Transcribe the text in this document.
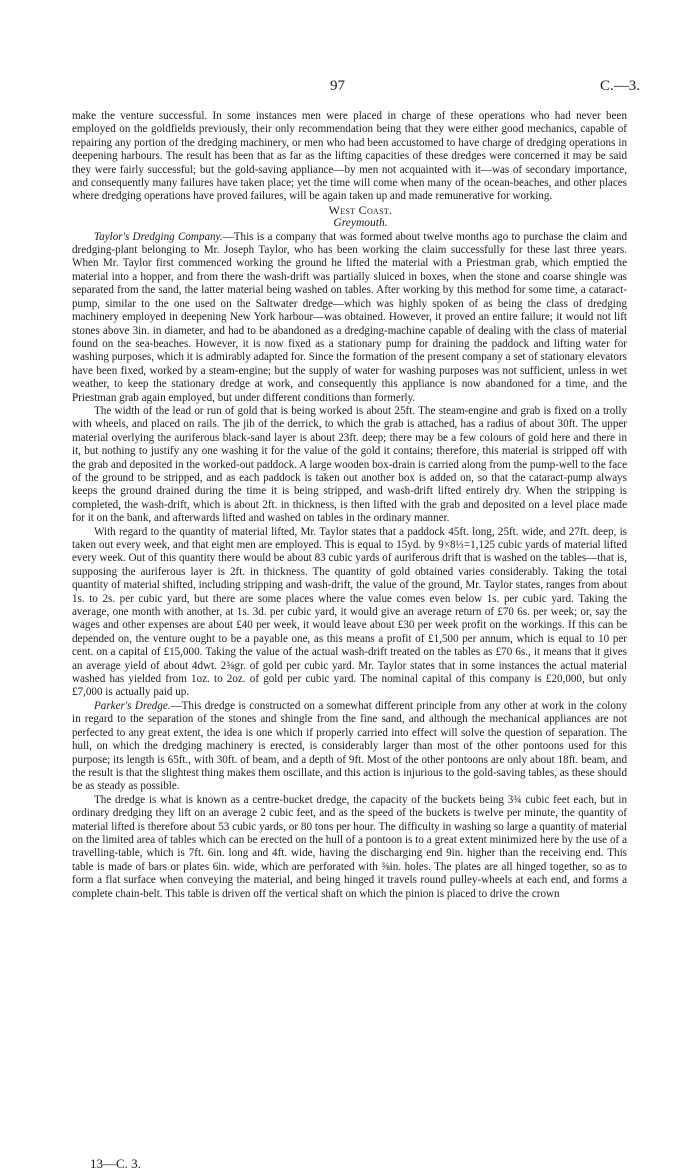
97	C.—3.

make the venture successful. In some instances men were placed in charge of these operations who had never been employed on the goldfields previously, their only recommendation being that they were either good mechanics, capable of repairing any portion of the dredging machinery, or men who had been accustomed to have charge of dredging operations in deepening harbours. The result has been that as far as the lifting capacities of these dredges were concerned it may be said they were fairly successful; but the gold-saving appliance—by men not acquainted with it—was of secondary importance, and consequently many failures have taken place; yet the time will come when many of the ocean-beaches, and other places where dredging operations have proved failures, will be again taken up and made remunerative for working.

West Coast.

Greymouth.

Taylor's Dredging Company.—This is a company that was formed about twelve months ago to purchase the claim and dredging-plant belonging to Mr. Joseph Taylor, who has been working the claim successfully for these last three years. When Mr. Taylor first commenced working the ground he lifted the material with a Priestman grab, which emptied the material into a hopper, and from there the wash-drift was partially sluiced in boxes, when the stone and coarse shingle was separated from the sand, the latter material being washed on tables. After working by this method for some time, a cataract-pump, similar to the one used on the Saltwater dredge—which was highly spoken of as being the class of dredging machinery employed in deepening New York harbour—was obtained. However, it proved an entire failure; it would not lift stones above 3in. in diameter, and had to be abandoned as a dredging-machine capable of dealing with the class of material found on the sea-beaches. However, it is now fixed as a stationary pump for draining the paddock and lifting water for washing purposes, which it is admirably adapted for. Since the formation of the present company a set of stationary elevators have been fixed, worked by a steam-engine; but the supply of water for washing purposes was not sufficient, unless in wet weather, to keep the stationary dredge at work, and consequently this appliance is now abandoned for a time, and the Priestman grab again employed, but under different conditions than formerly.

The width of the lead or run of gold that is being worked is about 25ft. The steam-engine and grab is fixed on a trolly with wheels, and placed on rails. The jib of the derrick, to which the grab is attached, has a radius of about 30ft. The upper material overlying the auriferous black-sand layer is about 23ft. deep; there may be a few colours of gold here and there in it, but nothing to justify any one washing it for the value of the gold it contains; therefore, this material is stripped off with the grab and deposited in the worked-out paddock. A large wooden box-drain is carried along from the pump-well to the face of the ground to be stripped, and as each paddock is taken out another box is added on, so that the cataract-pump always keeps the ground drained during the time it is being stripped, and wash-drift lifted entirely dry. When the stripping is completed, the wash-drift, which is about 2ft. in thickness, is then lifted with the grab and deposited on a level place made for it on the bank, and afterwards lifted and washed on tables in the ordinary manner.

With regard to the quantity of material lifted, Mr. Taylor states that a paddock 45ft. long, 25ft. wide, and 27ft. deep, is taken out every week, and that eight men are employed. This is equal to 15yd. by 9×8⅓=1,125 cubic yards of material lifted every week. Out of this quantity there would be about 83 cubic yards of auriferous drift that is washed on the tables—that is, supposing the auriferous layer is 2ft. in thickness. The quantity of gold obtained varies considerably. Taking the total quantity of material shifted, including stripping and wash-drift, the value of the ground, Mr. Taylor states, ranges from about 1s. to 2s. per cubic yard, but there are some places where the value comes even below 1s. per cubic yard. Taking the average, one month with another, at 1s. 3d. per cubic yard, it would give an average return of £70 6s. per week; or, say the wages and other expenses are about £40 per week, it would leave about £30 per week profit on the workings. If this can be depended on, the venture ought to be a payable one, as this means a profit of £1,500 per annum, which is equal to 10 per cent. on a capital of £15,000. Taking the value of the actual wash-drift treated on the tables as £70 6s., it means that it gives an average yield of about 4dwt. 2⅜gr. of gold per cubic yard. Mr. Taylor states that in some instances the actual material washed has yielded from 1oz. to 2oz. of gold per cubic yard. The nominal capital of this company is £20,000, but only £7,000 is actually paid up.

Parker's Dredge.—This dredge is constructed on a somewhat different principle from any other at work in the colony in regard to the separation of the stones and shingle from the fine sand, and although the mechanical appliances are not perfected to any great extent, the idea is one which if properly carried into effect will solve the question of separation. The hull, on which the dredging machinery is erected, is considerably larger than most of the other pontoons used for this purpose; its length is 65ft., with 30ft. of beam, and a depth of 9ft. Most of the other pontoons are only about 18ft. beam, and the result is that the slightest thing makes them oscillate, and this action is injurious to the gold-saving tables, as these should be as steady as possible.

The dredge is what is known as a centre-bucket dredge, the capacity of the buckets being 3¾ cubic feet each, but in ordinary dredging they lift on an average 2 cubic feet, and as the speed of the buckets is twelve per minute, the quantity of material lifted is therefore about 53 cubic yards, or 80 tons per hour. The difficulty in washing so large a quantity of material on the limited area of tables which can be erected on the hull of a pontoon is to a great extent minimized here by the use of a travelling-table, which is 7ft. 6in. long and 4ft. wide, having the discharging end 9in. higher than the receiving end. This table is made of bars or plates 6in. wide, which are perforated with ⅜in. holes. The plates are all hinged together, so as to form a flat surface when conveying the material, and being hinged it travels round pulley-wheels at each end, and forms a complete chain-belt. This table is driven off the vertical shaft on which the pinion is placed to drive the crown

13—C. 3.
